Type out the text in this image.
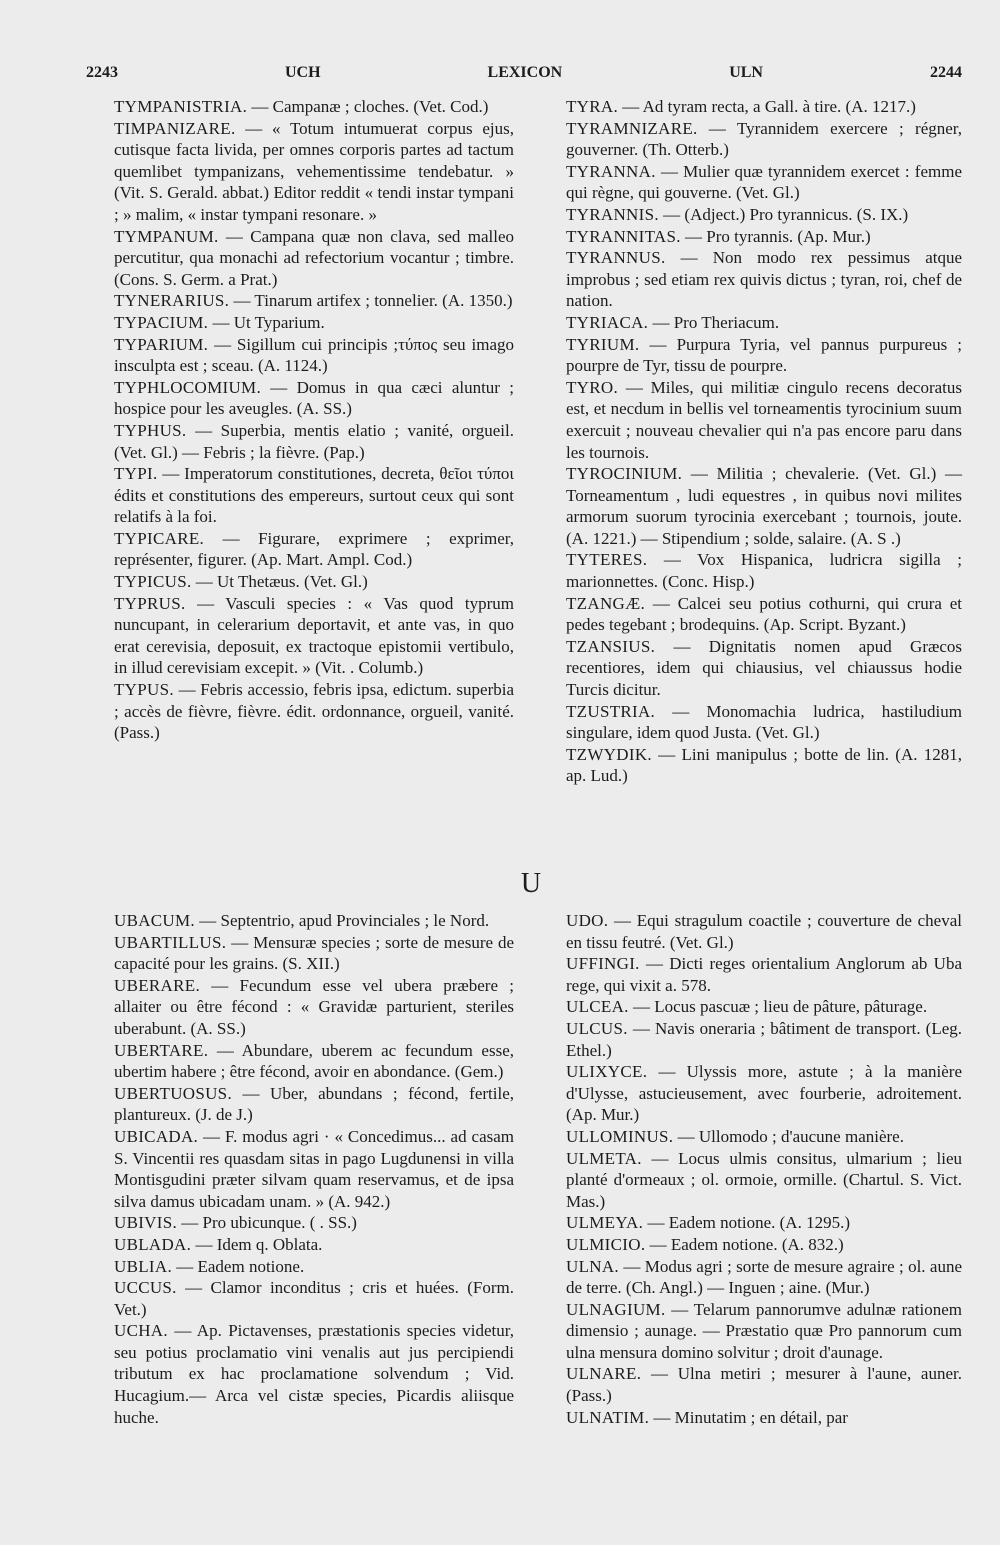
2243	UCH	LEXICON	ULN	2244

TYMPANISTRIA. — Campanæ ; cloches. (Vet. Cod.)

TIMPANIZARE. — « Totum intumuerat corpus ejus, cutisque facta livida, per omnes corporis partes ad tactum quemlibet tympanizans, vehementissime tendebatur. » (Vit. S. Gerald. abbat.) Editor reddit « tendi instar tympani ; » malim, « instar tympani resonare. »

TYMPANUM. — Campana quæ non clava, sed malleo percutitur, qua monachi ad refectorium vocantur ; timbre. (Cons. S. Germ. a Prat.)

TYNERARIUS. — Tinarum artifex ; tonnelier. (A. 1350.)

TYPACIUM. — Ut Typarium.

TYPARIUM. — Sigillum cui principis ;τύπος seu imago insculpta est ; sceau. (A. 1124.)

TYPHLOCOMIUM. — Domus in qua cæci aluntur ; hospice pour les aveugles. (A. SS.)

TYPHUS. — Superbia, mentis elatio ; vanité, orgueil. (Vet. Gl.) — Febris ; la fièvre. (Pap.)

TYPI. — Imperatorum constitutiones, decreta, θεῖοι τύποι édits et constitutions des empereurs, surtout ceux qui sont relatifs à la foi.

TYPICARE. — Figurare, exprimere ; exprimer, représenter, figurer. (Ap. Mart. Ampl. Cod.)

TYPICUS. — Ut Thetæus. (Vet. Gl.)

TYPRUS. — Vasculi species : « Vas quod typrum nuncupant, in celerarium deportavit, et ante vas, in quo erat cerevisia, deposuit, ex tractoque epistomii vertibulo, in illud cerevisiam excepit. » (Vit. . Columb.)

TYPUS. — Febris accessio, febris ipsa, edictum. superbia ; accès de fièvre, fièvre. édit. ordonnance, orgueil, vanité. (Pass.)

TYRA. — Ad tyram recta, a Gall. à tire. (A. 1217.)

TYRAMNIZARE. — Tyrannidem exercere ; régner, gouverner. (Th. Otterb.)

TYRANNA. — Mulier quæ tyrannidem exercet : femme qui règne, qui gouverne. (Vet. Gl.)

TYRANNIS. — (Adject.) Pro tyrannicus. (S. IX.)

TYRANNITAS. — Pro tyrannis. (Ap. Mur.)

TYRANNUS. — Non modo rex pessimus atque improbus ; sed etiam rex quivis dictus ; tyran, roi, chef de nation.

TYRIACA. — Pro Theriacum.

TYRIUM. — Purpura Tyria, vel pannus purpureus ; pourpre de Tyr, tissu de pourpre.

TYRO. — Miles, qui militiæ cingulo recens decoratus est, et necdum in bellis vel torneamentis tyrocinium suum exercuit ; nouveau chevalier qui n'a pas encore paru dans les tournois.

TYROCINIUM. — Militia ; chevalerie. (Vet. Gl.) — Torneamentum , ludi equestres , in quibus novi milites armorum suorum tyrocinia exercebant ; tournois, joute. (A. 1221.) — Stipendium ; solde, salaire. (A. S .)

TYTERES. — Vox Hispanica, ludricra sigilla ; marionnettes. (Conc. Hisp.)

TZANGÆ. — Calcei seu potius cothurni, qui crura et pedes tegebant ; brodequins. (Ap. Script. Byzant.)

TZANSIUS. — Dignitatis nomen apud Græcos recentiores, idem qui chiausius, vel chiaussus hodie Turcis dicitur.

TZUSTRIA. — Monomachia ludrica, hastiludium singulare, idem quod Justa. (Vet. Gl.)

TZWYDIK. — Lini manipulus ; botte de lin. (A. 1281, ap. Lud.)

U

UBACUM. — Septentrio, apud Provinciales ; le Nord.

UBARTILLUS. — Mensuræ species ; sorte de mesure de capacité pour les grains. (S. XII.)

UBERARE. — Fecundum esse vel ubera præbere ; allaiter ou être fécond : « Gravidæ parturient, steriles uberabunt. (A. SS.)

UBERTARE. — Abundare, uberem ac fecundum esse, ubertim habere ; être fécond, avoir en abondance. (Gem.)

UBERTUOSUS. — Uber, abundans ; fécond, fertile, plantureux. (J. de J.)

UBICADA. — F. modus agri · « Concedimus... ad casam S. Vincentii res quasdam sitas in pago Lugdunensi in villa Montisgudini præter silvam quam reservamus, et de ipsa silva damus ubicadam unam. » (A. 942.)

UBIVIS. — Pro ubicunque. ( . SS.)

UBLADA. — Idem q. Oblata.

UBLIA. — Eadem notione.

UCCUS. — Clamor inconditus ; cris et huées. (Form. Vet.)

UCHA. — Ap. Pictavenses, præstationis species videtur, seu potius proclamatio vini venalis aut jus percipiendi tributum ex hac proclamatione solvendum ; Vid. Hucagium.— Arca vel cistæ species, Picardis aliisque huche.

UDO. — Equi stragulum coactile ; couverture de cheval en tissu feutré. (Vet. Gl.)

UFFINGI. — Dicti reges orientalium Anglorum ab Uba rege, qui vixit a. 578.

ULCEA. — Locus pascuæ ; lieu de pâture, pâturage.

ULCUS. — Navis oneraria ; bâtiment de transport. (Leg. Ethel.)

ULIXYCE. — Ulyssis more, astute ; à la manière d'Ulysse, astucieusement, avec fourberie, adroitement. (Ap. Mur.)

ULLOMINUS. — Ullomodo ; d'aucune manière.

ULMETA. — Locus ulmis consitus, ulmarium ; lieu planté d'ormeaux ; ol. ormoie, ormille. (Chartul. S. Vict. Mas.)

ULMEYA. — Eadem notione. (A. 1295.)

ULMICIO. — Eadem notione. (A. 832.)

ULNA. — Modus agri ; sorte de mesure agraire ; ol. aune de terre. (Ch. Angl.) — Inguen ; aine. (Mur.)

ULNAGIUM. — Telarum pannorumve adulnæ rationem dimensio ; aunage. — Præstatio quæ Pro pannorum cum ulna mensura domino solvitur ; droit d'aunage.

ULNARE. — Ulna metiri ; mesurer à l'aune, auner. (Pass.)

ULNATIM. — Minutatim ; en détail, par
